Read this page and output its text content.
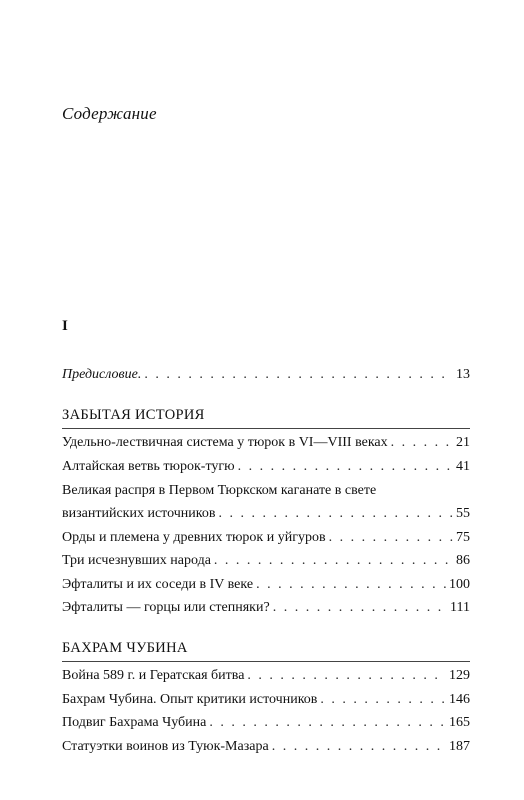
Содержание
I
Предисловие. . . .	13
ЗАБЫТАЯ ИСТОРИЯ
Удельно-лествичная система у тюрок в VI—VIII веках . . .	21
Алтайская ветвь тюрок-тугю . . .	41
Великая распря в Первом Тюркском каганате в свете
византийских источников . . .	55
Орды и племена у древних тюрок и уйгуров . . .	75
Три исчезнувших народа . . .	86
Эфталиты и их соседи в IV веке . . .	100
Эфталиты — горцы или степняки? . . .	111
БАХРАМ ЧУБИНА
Война 589 г. и Гератская битва . . .	129
Бахрам Чубина. Опыт критики источников . . .	146
Подвиг Бахрама Чубина . . .	165
Статуэтки воинов из Туюк-Мазара . . .	187
